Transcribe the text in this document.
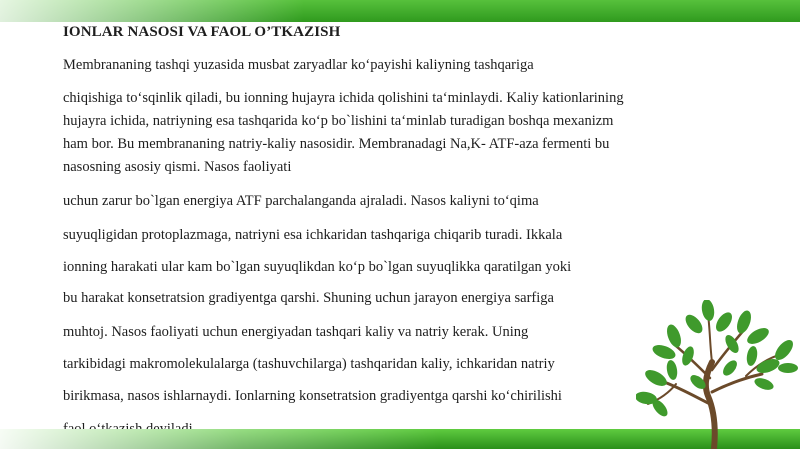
IONLAR NASOSI VA FAOL O’TKAZISH
Membrananing tashqi yuzasida musbat zaryadlar ko‘payishi kaliyning tashqariga
chiqishiga to‘sqinlik qiladi, bu ionning hujayra ichida qolishini ta‘minlaydi. Kaliy kationlarining
hujayra ichida, natriyning esa tashqarida ko‘p bo`lishini ta‘minlab turadigan boshqa mexanizm
ham bor. Bu membrananing natriy-kaliy nasosidir. Membranadagi Na,K- ATF-aza fermenti bu
nasosning asosiy qismi. Nasos faoliyati
uchun zarur bo`lgan energiya ATF parchalanganda ajraladi. Nasos kaliyni to‘qima
suyuqligidan protoplazmaga, natriyni esa ichkaridan tashqariga chiqarib turadi. Ikkala
ionning harakati ular kam bo`lgan suyuqlikdan ko‘p bo`lgan suyuqlikka qaratilgan yoki
bu harakat konsetratsion gradiyentga qarshi. Shuning uchun jarayon energiya sarfiga
muhtoj. Nasos faoliyati uchun energiyadan tashqari kaliy va natriy kerak. Uning
tarkibidagi makromolekulalarga (tashuvchilarga) tashqaridan kaliy, ichkaridan natriy
birikmasa, nasos ishlarnaydi. Ionlarning konsetratsion gradiyentga qarshi ko‘chirilishi
